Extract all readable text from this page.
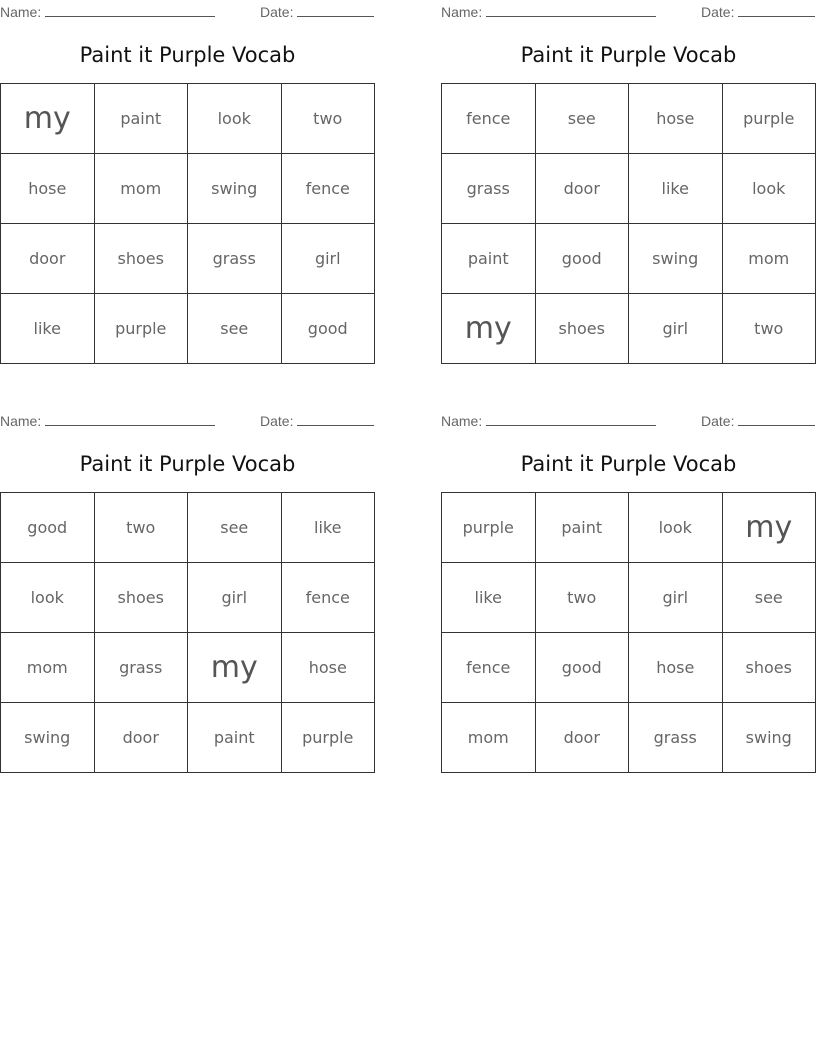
Name:	Date:
Paint it Purple Vocab
my	paint	look	two
hose	mom	swing	fence
door	shoes	grass	girl
like	purple	see	good
Name:	Date:
Paint it Purple Vocab
fence	see	hose	purple
grass	door	like	look
paint	good	swing	mom
my	shoes	girl	two
Name:	Date:
Paint it Purple Vocab
good	two	see	like
look	shoes	girl	fence
mom	grass	my	hose
swing	door	paint	purple
Name:	Date:
Paint it Purple Vocab
purple	paint	look	my
like	two	girl	see
fence	good	hose	shoes
mom	door	grass	swing
